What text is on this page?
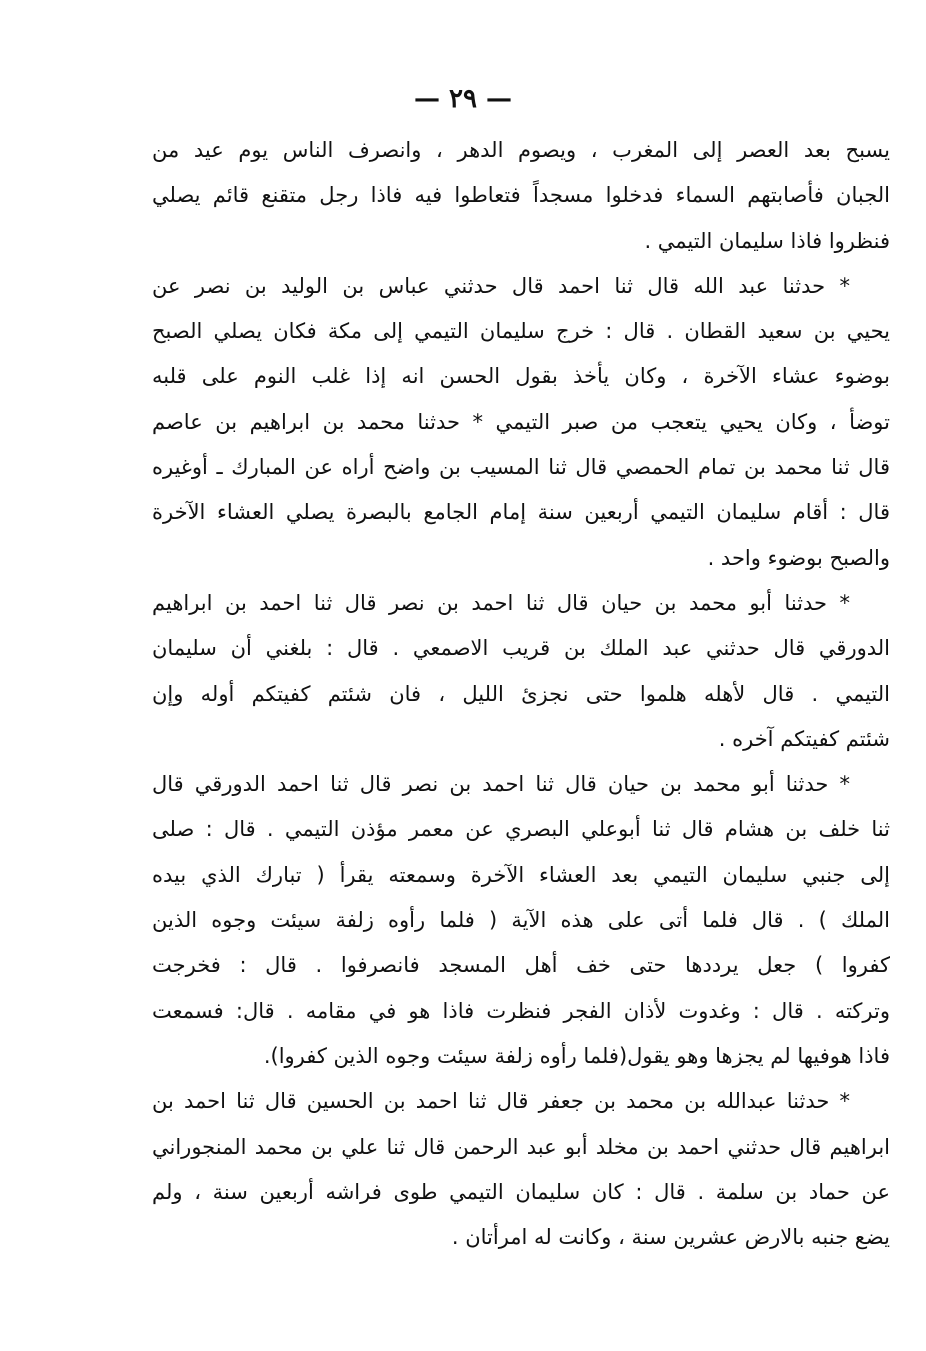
— ٢٩ —
يسبح بعد العصر إلى المغرب ، ويصوم الدهر ، وانصرف الناس يوم عيد من
الجبان فأصابتهم السماء فدخلوا مسجداً فتعاطوا فيه فاذا رجل متقنع قائم يصلي
فنظروا فاذا سليمان التيمي .
* حدثنا عبد الله قال ثنا احمد قال حدثني عباس بن الوليد بن نصر عن
يحيي بن سعيد القطان . قال : خرج سليمان التيمي إلى مكة فكان يصلي الصبح
بوضوء عشاء الآخرة ، وكان يأخذ بقول الحسن انه إذا غلب النوم على قلبه
توضأ ، وكان يحيي يتعجب من صبر التيمي * حدثنا محمد بن ابراهيم بن عاصم
قال ثنا محمد بن تمام الحمصي قال ثنا المسيب بن واضح أراه عن المبارك ـ أوغيره
قال : أقام سليمان التيمي أربعين سنة إمام الجامع بالبصرة يصلي العشاء الآخرة
والصبح بوضوء واحد .
* حدثنا أبو محمد بن حيان قال ثنا احمد بن نصر قال ثنا احمد بن ابراهيم
الدورقي قال حدثني عبد الملك بن قريب الاصمعي . قال : بلغني أن سليمان
التيمي . قال لأهله هلموا حتى نجزئ الليل ، فان شئتم كفيتكم أوله وإن
شئتم كفيتكم آخره .
* حدثنا أبو محمد بن حيان قال ثنا احمد بن نصر قال ثنا احمد الدورقي قال
ثنا خلف بن هشام قال ثنا أبوعلي البصري عن معمر مؤذن التيمي . قال : صلى
إلى جنبي سليمان التيمي بعد العشاء الآخرة وسمعته يقرأ ( تبارك الذي بيده
الملك ) . قال فلما أتى على هذه الآية ( فلما رأوه زلفة سيئت وجوه الذين
كفروا ) جعل يرددها حتى خف أهل المسجد فانصرفوا . قال : فخرجت
وتركته . قال : وغدوت لأذان الفجر فنظرت فاذا هو في مقامه . قال: فسمعت
فاذا هوفيها لم يجزها وهو يقول(فلما رأوه زلفة سيئت وجوه الذين كفروا).
* حدثنا عبدالله بن محمد بن جعفر قال ثنا احمد بن الحسين قال ثنا احمد بن
ابراهيم قال حدثني احمد بن مخلد أبو عبد الرحمن قال ثنا علي بن محمد المنجوراني
عن حماد بن سلمة . قال : كان سليمان التيمي طوى فراشه أربعين سنة ، ولم
يضع جنبه بالارض عشرين سنة ، وكانت له امرأتان .
